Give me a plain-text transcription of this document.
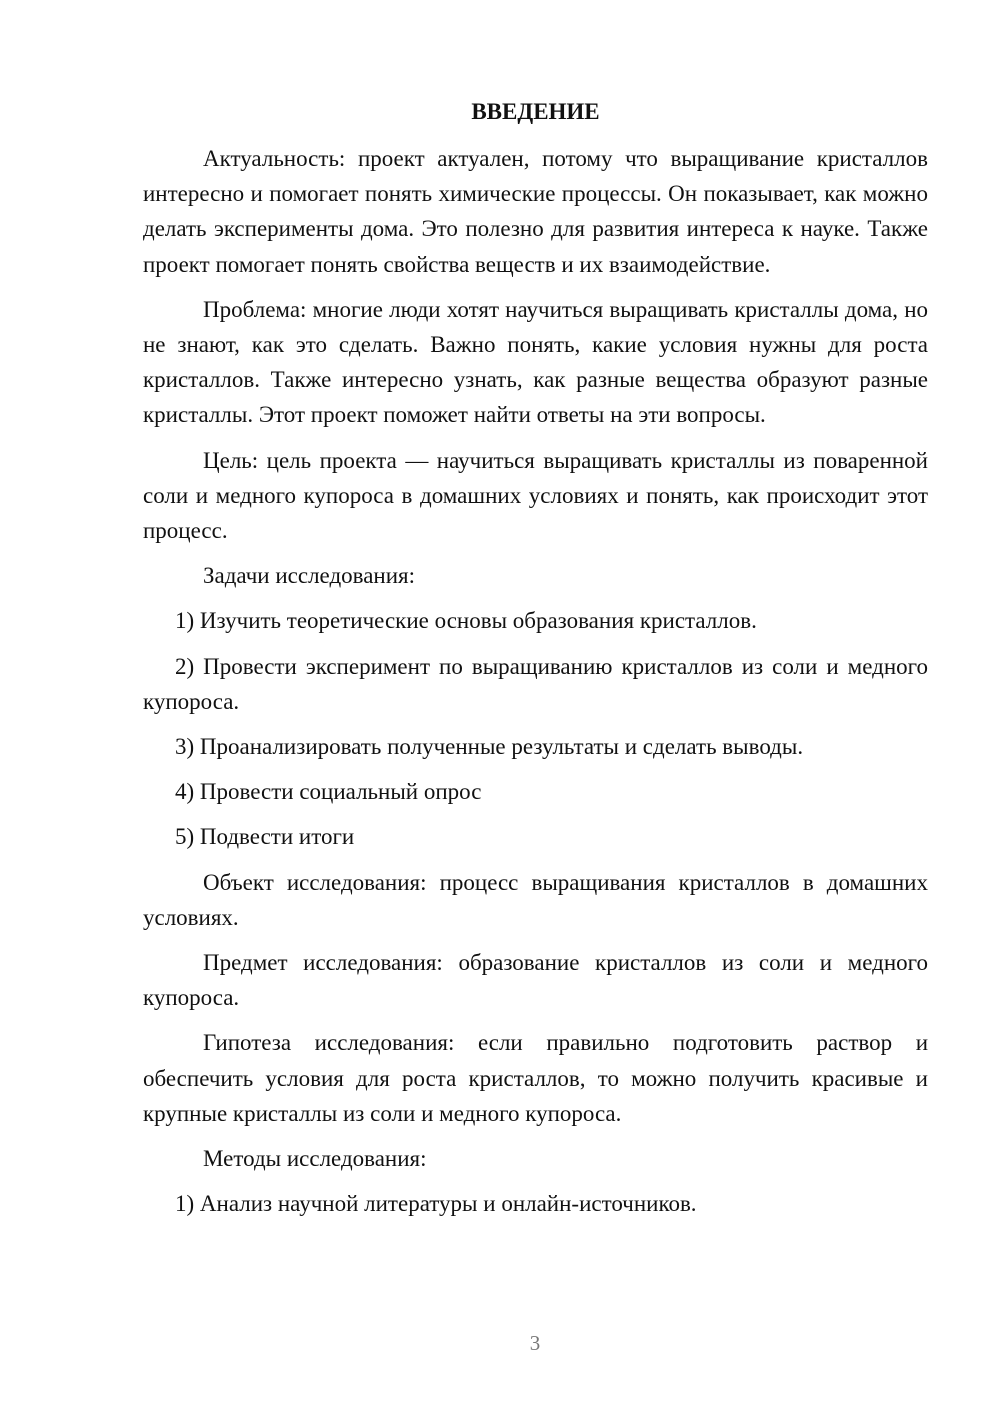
ВВЕДЕНИЕ

Актуальность: проект актуален, потому что выращивание кристаллов интересно и помогает понять химические процессы. Он показывает, как можно делать эксперименты дома. Это полезно для развития интереса к науке. Также проект помогает понять свойства веществ и их взаимодействие.

Проблема: многие люди хотят научиться выращивать кристаллы дома, но не знают, как это сделать. Важно понять, какие условия нужны для роста кристаллов. Также интересно узнать, как разные вещества образуют разные кристаллы. Этот проект поможет найти ответы на эти вопросы.

Цель: цель проекта — научиться выращивать кристаллы из поваренной соли и медного купороса в домашних условиях и понять, как происходит этот процесс.

Задачи исследования:

1) Изучить теоретические основы образования кристаллов.

2) Провести эксперимент по выращиванию кристаллов из соли и медного купороса.

3) Проанализировать полученные результаты и сделать выводы.

4) Провести социальный опрос

5) Подвести итоги

Объект исследования: процесс выращивания кристаллов в домашних условиях.

Предмет исследования: образование кристаллов из соли и медного купороса.

Гипотеза исследования: если правильно подготовить раствор и обеспечить условия для роста кристаллов, то можно получить красивые и крупные кристаллы из соли и медного купороса.

Методы исследования:

1) Анализ научной литературы и онлайн-источников.

3
